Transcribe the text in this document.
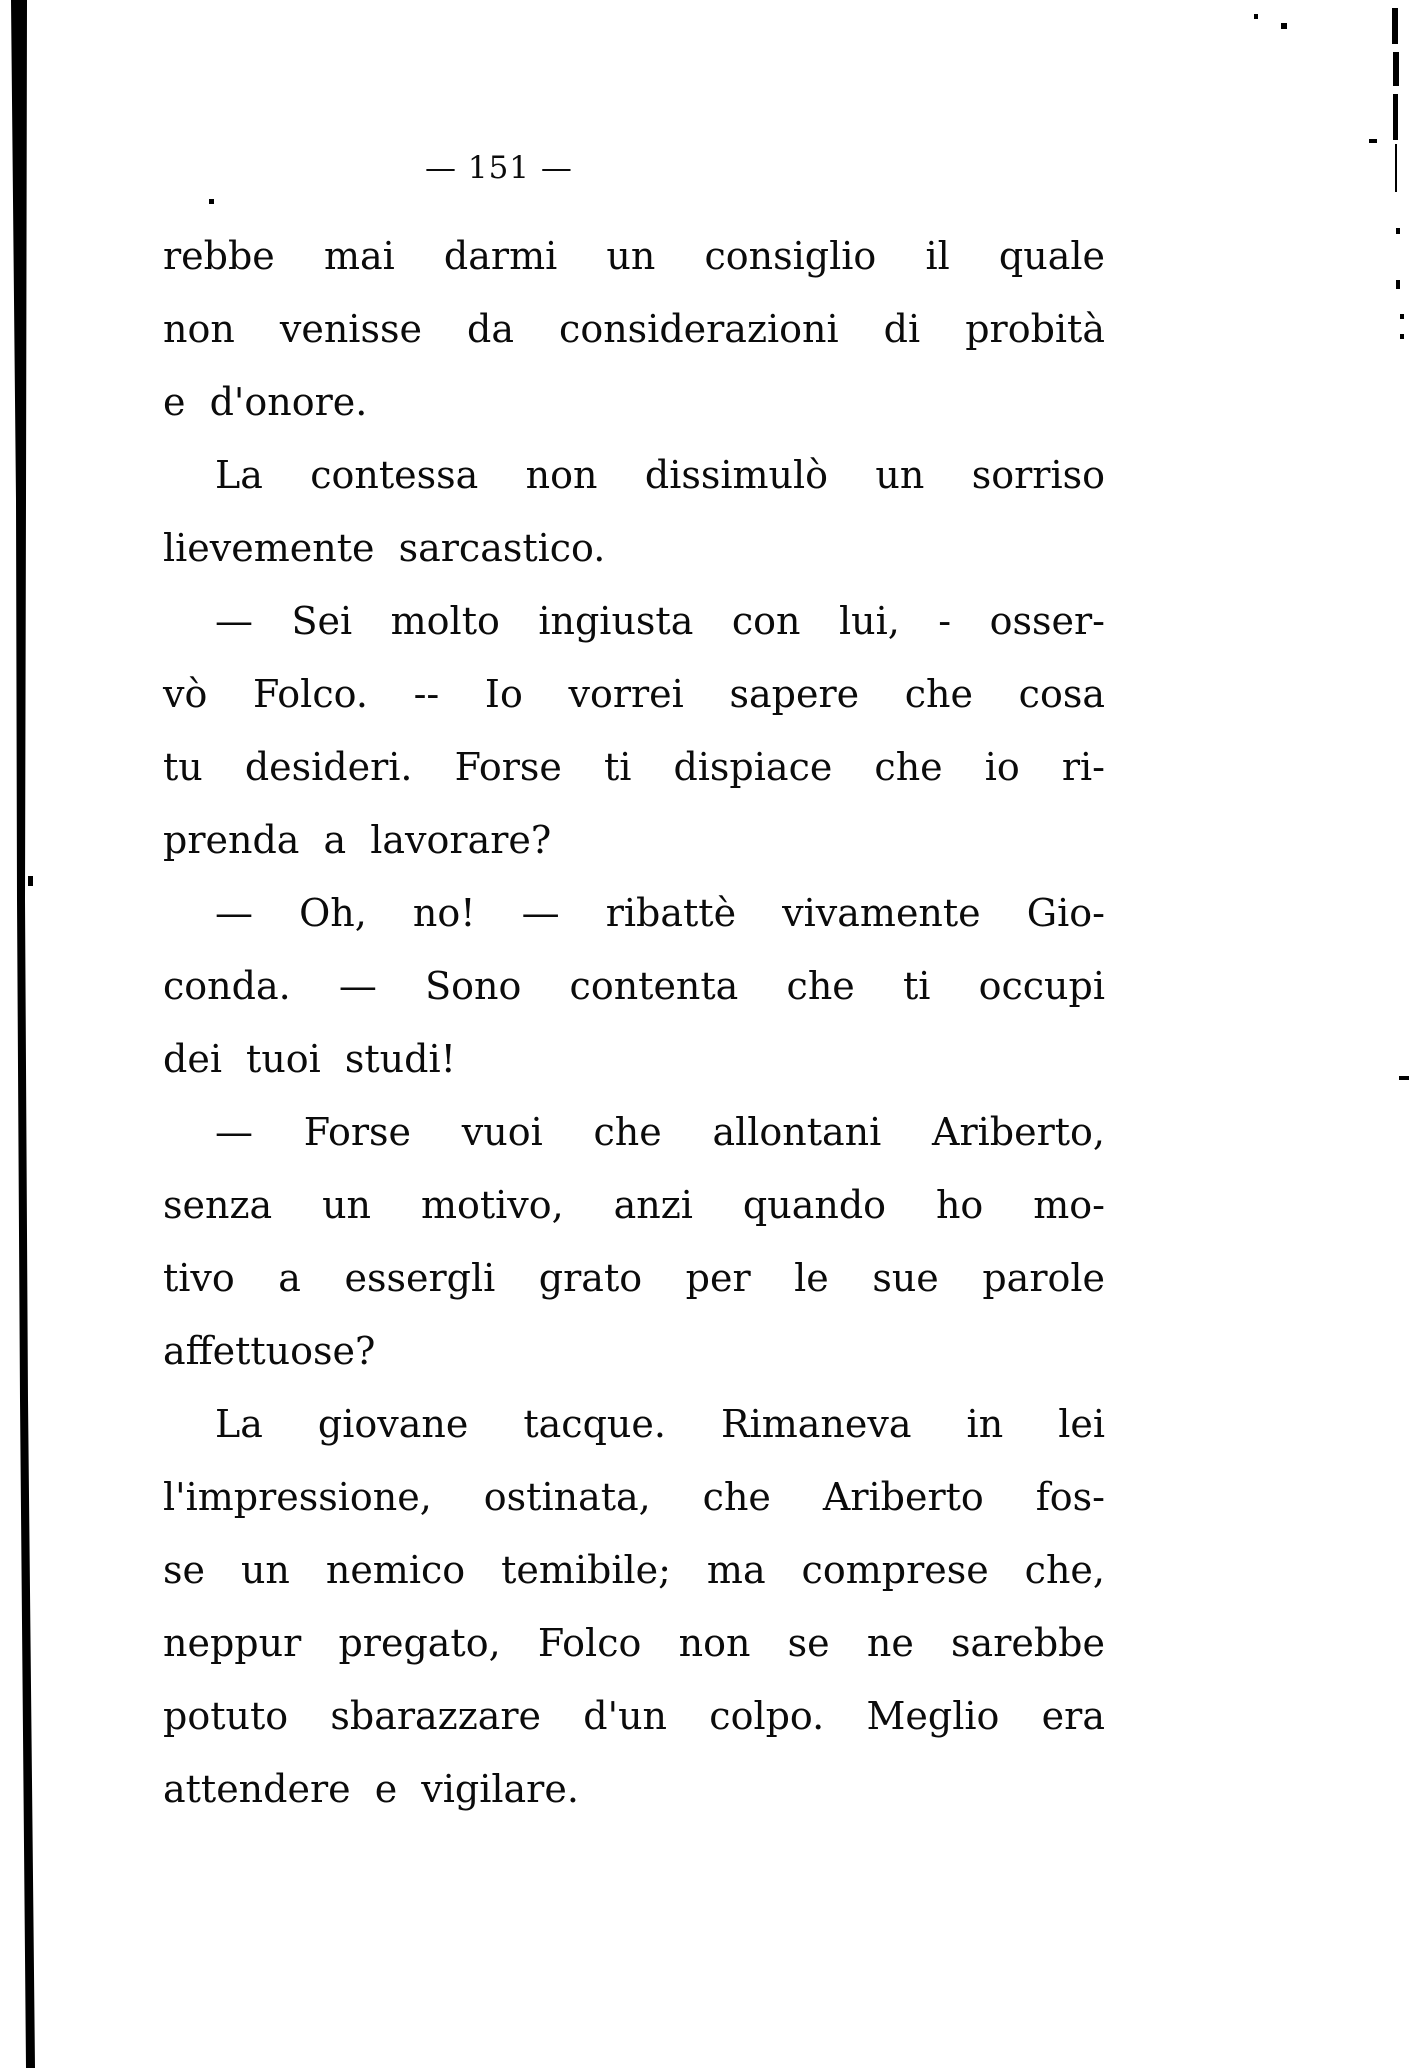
— 151 —
rebbe mai darmi un consiglio il quale
non venisse da considerazioni di probità
e d'onore.
La contessa non dissimulò un sorriso
lievemente sarcastico.
— Sei molto ingiusta con lui, - osser-
vò Folco. -- Io vorrei sapere che cosa
tu desideri. Forse ti dispiace che io ri-
prenda a lavorare?
— Oh, no! — ribattè vivamente Gio-
conda. — Sono contenta che ti occupi
dei tuoi studi!
— Forse vuoi che allontani Ariberto,
senza un motivo, anzi quando ho mo-
tivo a essergli grato per le sue parole
affettuose?
La giovane tacque. Rimaneva in lei
l'impressione, ostinata, che Ariberto fos-
se un nemico temibile; ma comprese che,
neppur pregato, Folco non se ne sarebbe
potuto sbarazzare d'un colpo. Meglio era
attendere e vigilare.
